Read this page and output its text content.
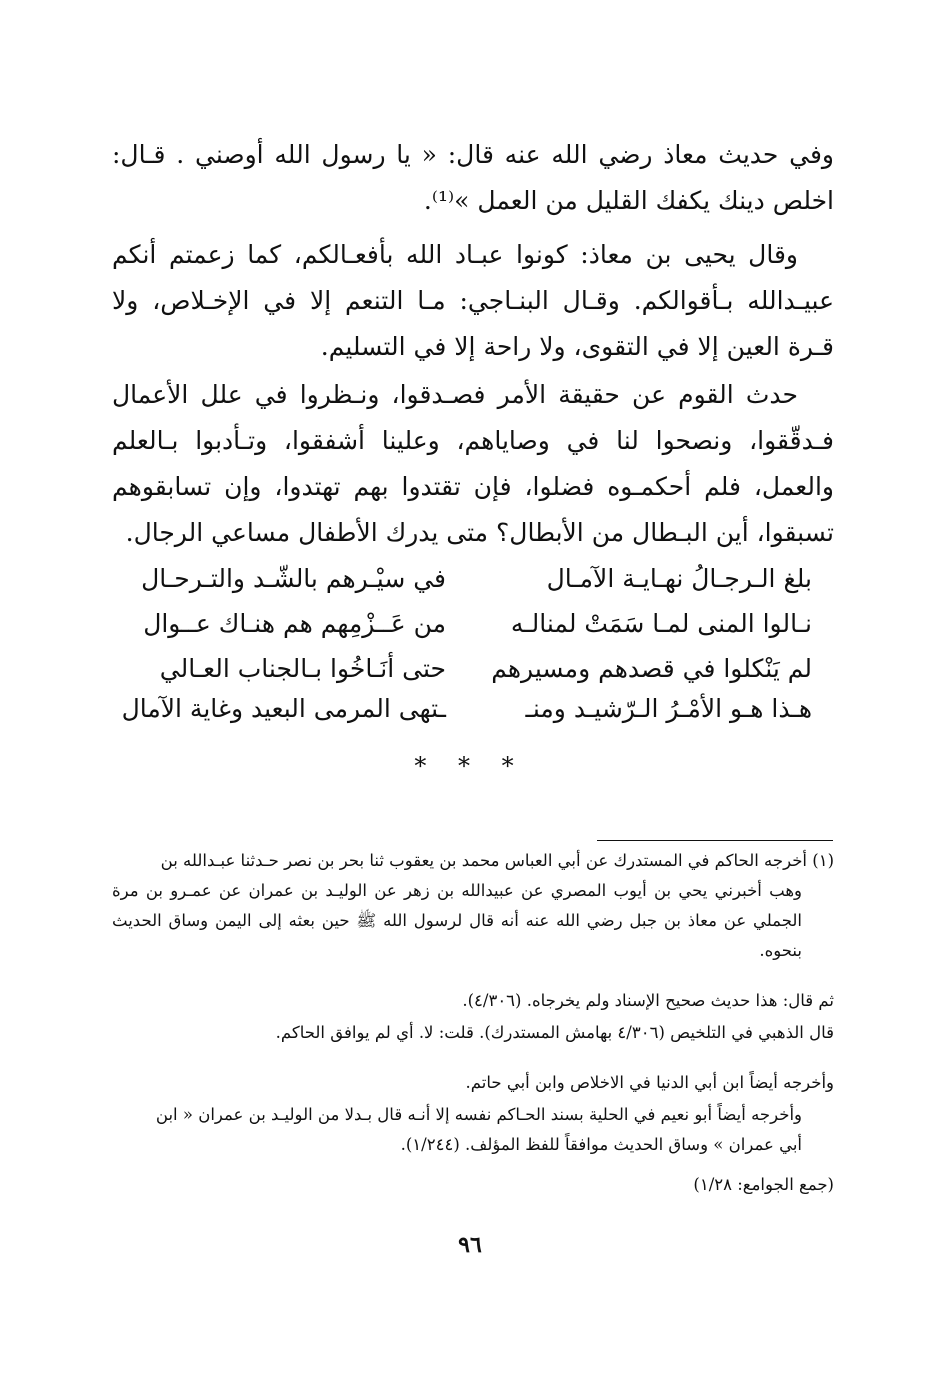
وفي حديث معاذ رضي الله عنه قال: « يا رسول الله أوصني . قـال: اخلص دينك يكفك القليل من العمل »⁽¹⁾.

وقال يحيى بن معاذ: كونوا عبـاد الله بأفعـالكم، كما زعمتم أنكم عبيـدالله بـأقوالكم. وقـال البنـاجي: مـا التنعم إلا في الإخـلاص، ولا قـرة العين إلا في التقوى، ولا راحة إلا في التسليم.

حدث القوم عن حقيقة الأمر فصـدقوا، ونـظروا في علل الأعمال فـدقّقوا، ونصحوا لنا في وصاياهم، وعلينا أشفقوا، وتـأدبوا بـالعلم والعمل، فلم أحكمـوه فضلوا، فإن تقتدوا بهم تهتدوا، وإن تسابقوهم تسبقوا، أين البـطال من الأبطال؟ متى يدرك الأطفال مساعي الرجال.

بلغ الـرجـالُ نهـايـة الآمـال
في سيْـرهم بالشّـد والتـرحـال
نـالوا المنى لمـا سَمَتْ لمنالـه
من عَــزْمِهم هم هنـاك عــوال
لم يَنْكلوا في قصدهم ومسيرهم
حتى أنَـاخُوا بـالجناب العـالي
هـذا هـو الأمْـرُ الـرّشيـد ومنـ
ـتهى المرمى البعيد وغاية الآمال
* * *
(١) أخرجه الحاكم في المستدرك عن أبي العباس محمد بن يعقوب ثنا بحر بن نصر حـدثنا عبـدالله بن
وهب أخبرني يحي بن أيوب المصري عن عبيدالله بن زهر عن الوليـد بن عمران عن عمـرو بن مرة الجملي عن معاذ بن جبل رضي الله عنه أنه قال لرسول الله ﷺ حين بعثه إلى اليمن وساق الحديث بنحوه.
ثم قال: هذا حديث صحيح الإسناد ولم يخرجاه. (٤/٣٠٦).
قال الذهبي في التلخيص (٤/٣٠٦ بهامش المستدرك). قلت: لا. أي لم يوافق الحاكم.
وأخرجه أيضاً ابن أبي الدنيا في الاخلاص وابن أبي حاتم.
وأخرجه أيضاً أبو نعيم في الحلية بسند الحـاكم نفسه إلا أنـه قال بـدلا من الوليـد بن عمران « ابن
أبي عمران » وساق الحديث موافقاً للفظ المؤلف. (١/٢٤٤).
(جمع الجوامع: ١/٢٨)
٩٦
